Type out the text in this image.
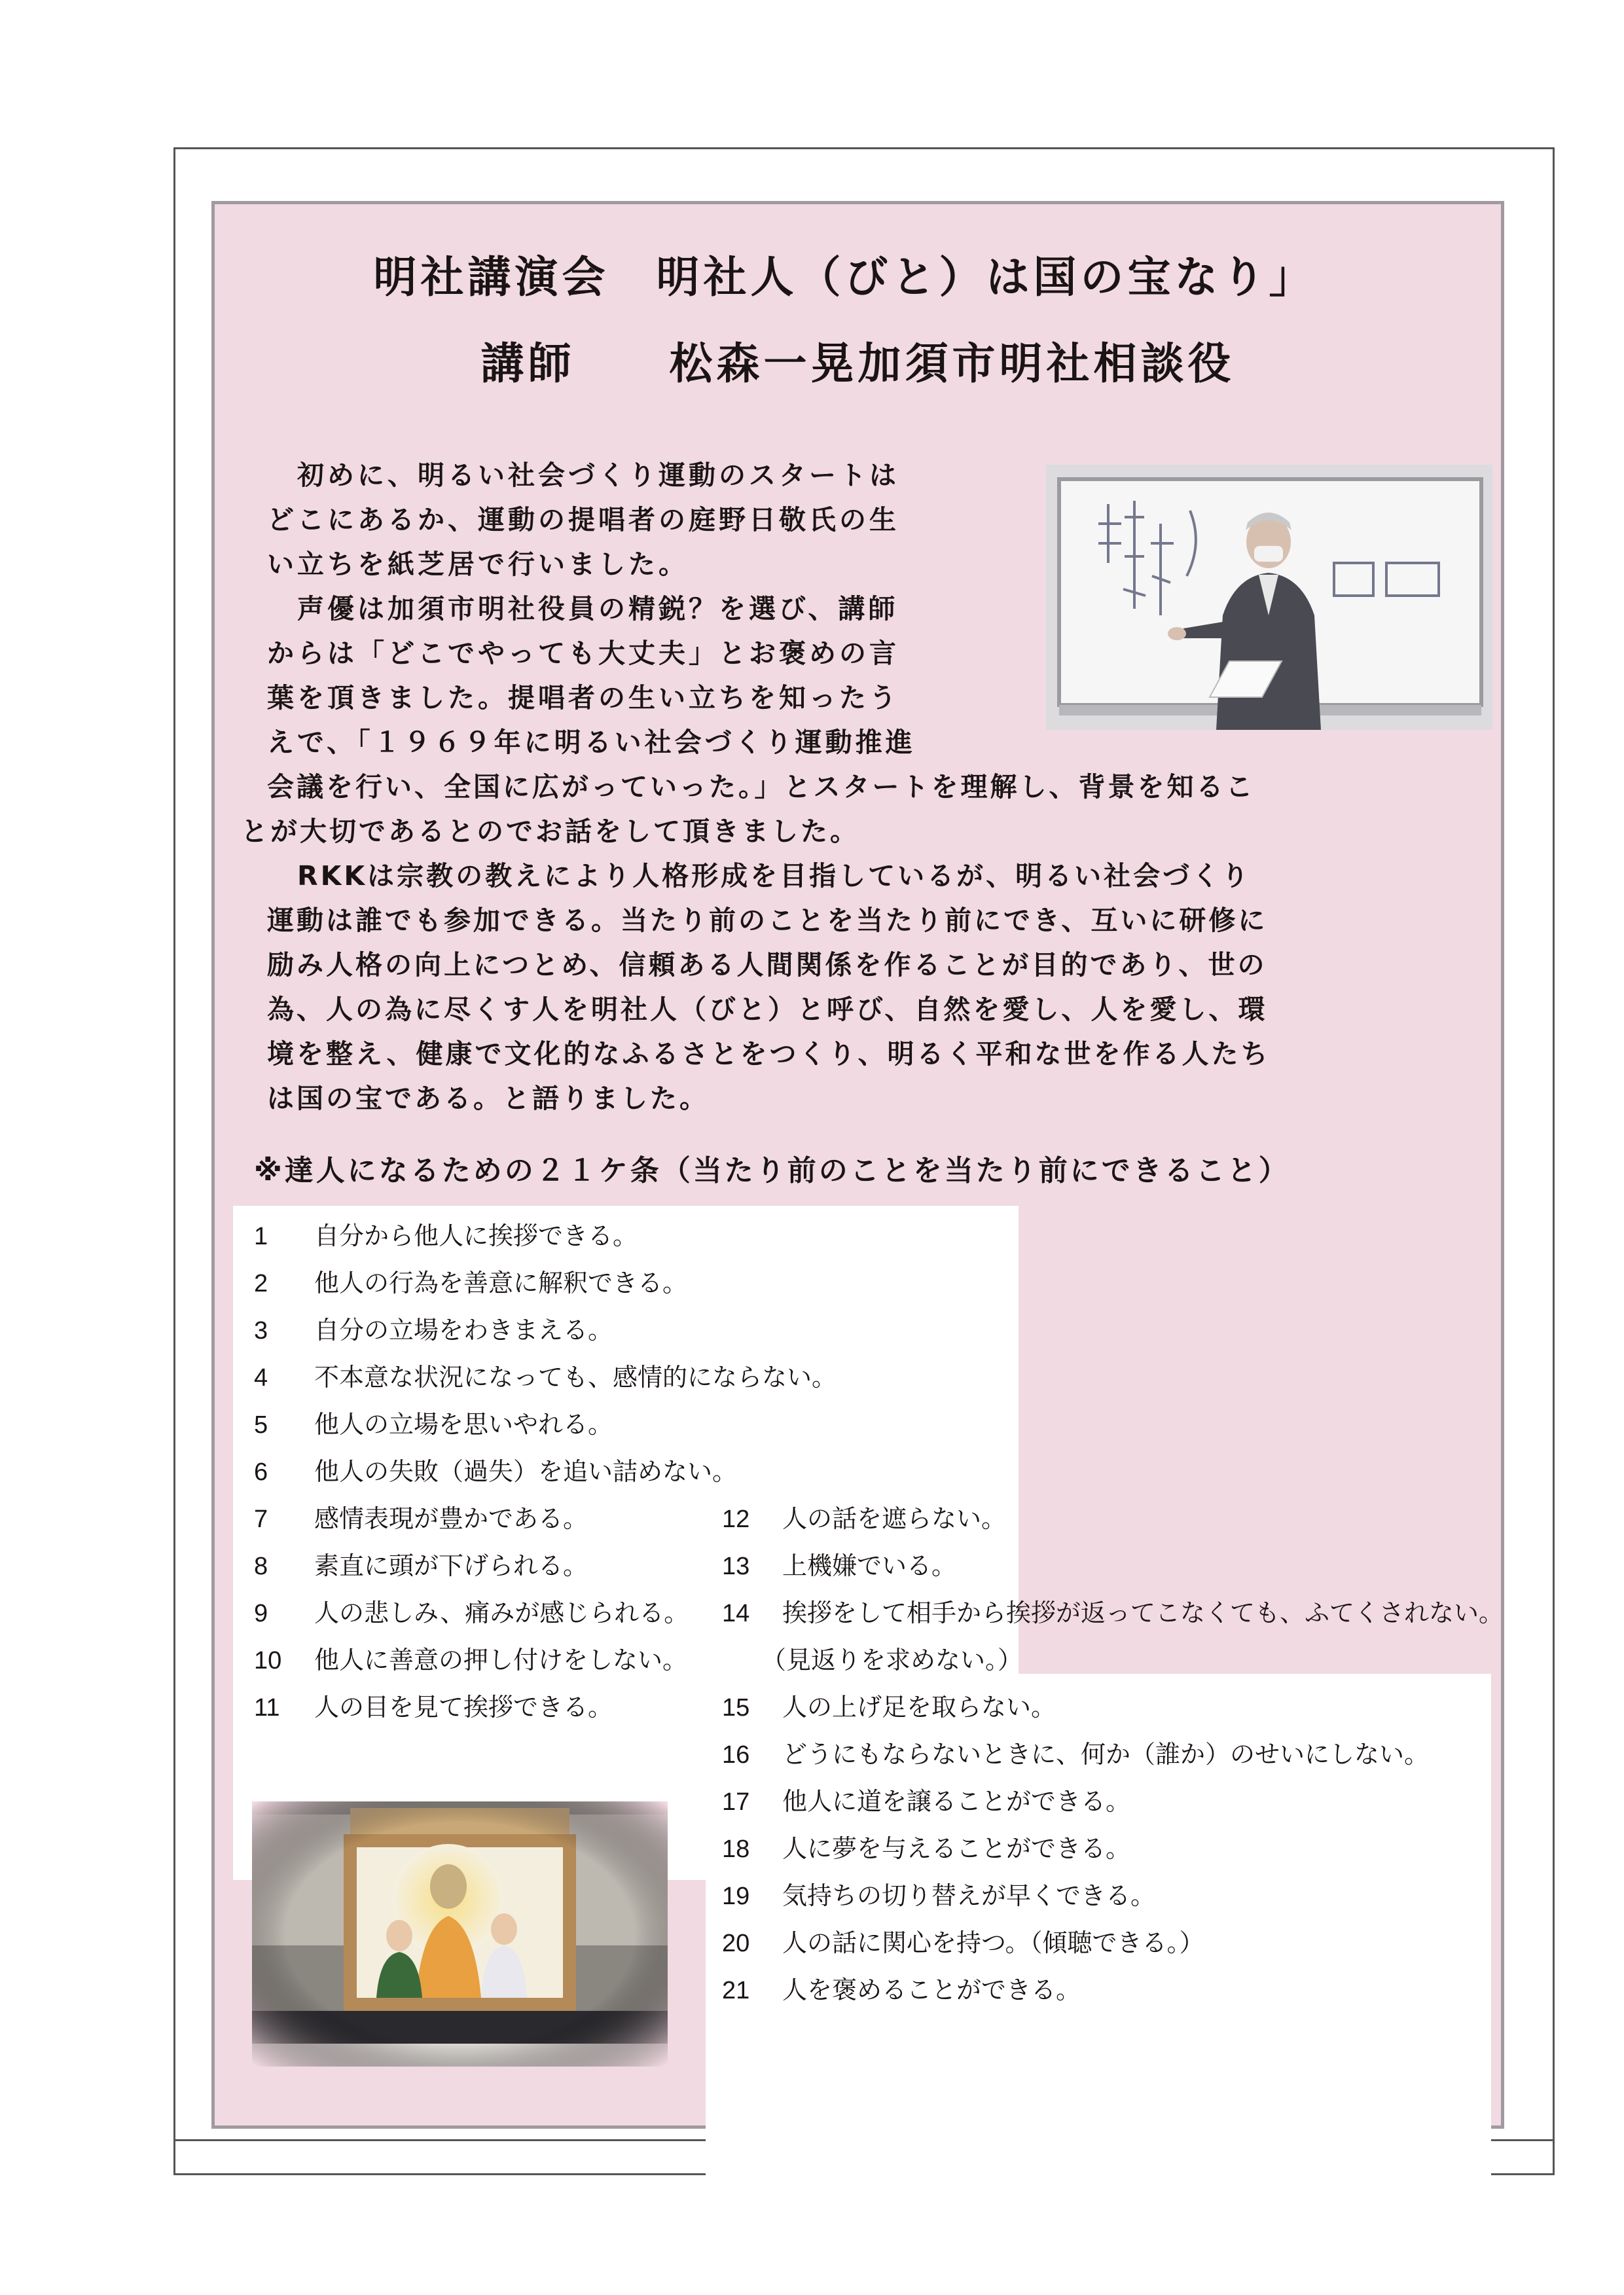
明社講演会　明社人（びと）は国の宝なり」
講師　　松森一晃加須市明社相談役
初めに、明るい社会づくり運動のスタートは
どこにあるか、運動の提唱者の庭野日敬氏の生
い立ちを紙芝居で行いました。
声優は加須市明社役員の精鋭？を選び、講師
からは「どこでやっても大丈夫」とお褒めの言
葉を頂きました。提唱者の生い立ちを知ったう
えで、「１９６９年に明るい社会づくり運動推進
会議を行い、全国に広がっていった。」とスタートを理解し、背景を知るこ
とが大切であるとのでお話をして頂きました。
RKKは宗教の教えにより人格形成を目指しているが、明るい社会づくり
運動は誰でも参加できる。当たり前のことを当たり前にでき、互いに研修に
励み人格の向上につとめ、信頼ある人間関係を作ることが目的であり、世の
為、人の為に尽くす人を明社人（びと）と呼び、自然を愛し、人を愛し、環
境を整え、健康で文化的なふるさとをつくり、明るく平和な世を作る人たち
は国の宝である。と語りました。
※達人になるための２１ケ条（当たり前のことを当たり前にできること）
1 自分から他人に挨拶できる。
2 他人の行為を善意に解釈できる。
3 自分の立場をわきまえる。
4 不本意な状況になっても、感情的にならない。
5 他人の立場を思いやれる。
6 他人の失敗（過失）を追い詰めない。
7 感情表現が豊かである。
8 素直に頭が下げられる。
9 人の悲しみ、痛みが感じられる。
10 他人に善意の押し付けをしない。
11 人の目を見て挨拶できる。
12 人の話を遮らない。
13 上機嫌でいる。
14 挨拶をして相手から挨拶が返ってこなくても、ふてくされない。
（見返りを求めない。）
15 人の上げ足を取らない。
16 どうにもならないときに、何か（誰か）のせいにしない。
17 他人に道を譲ることができる。
18 人に夢を与えることができる。
19 気持ちの切り替えが早くできる。
20 人の話に関心を持つ。（傾聴できる。）
21 人を褒めることができる。
